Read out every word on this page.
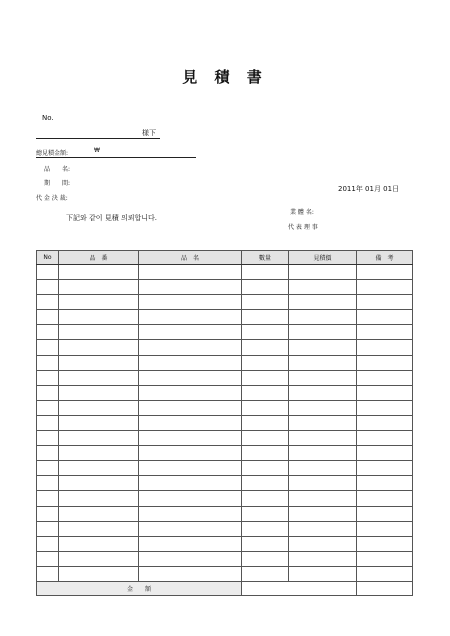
見 積 書
No.
様下
總見積金額:	₩
品　　名:
期　　間:
代 金 決 裁:
2011年 01月 01日
下記와 같이 見積 의뢰합니다.
業 體 名:
代 表 理 事
No	品　番	品　名	數量	見積價	備　考

金　　額					
